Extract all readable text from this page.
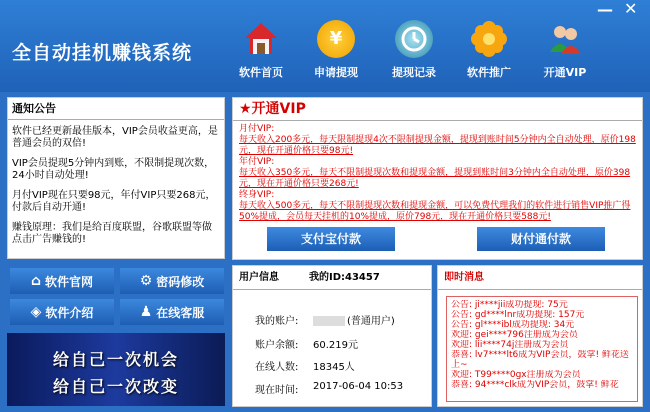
全自动挂机赚钱系统
— ✕
软件首页
¥
申请提现	提现记录	软件推广	开通VIP
通知公告

软件已经更新最佳版本，VIP会员收益更高，是普通会员的双倍!

VIP会员提现5分钟内到账，不限制提现次数，24小时自动处理!

月付VIP现在只要98元，年付VIP只要268元，付款后自动开通!

赚钱原理：我们是给百度联盟，谷歌联盟等做点击广告赚钱的!

★开通VIP
月付VIP:
每天收入200多元，每天限制提现4次不限制提现金额，提现到账时间5分钟内全自动处理，原价198元，现在开通价格只要98元!
年付VIP:
每天收入350多元，每天不限制提现次数和提现金额，提现到账时间3分钟内全自动处理，原价398元，现在开通价格只要268元!
终身VIP:
每天收入500多元，每天不限制提现次数和提现金额，可以免费代理我们的软件进行销售VIP推广得50%提成，会员每天挂机的10%提成，原价798元，现在开通价格只要588元!
支付宝付款	财付通付款
⌂ 软件官网	⚙ 密码修改
◈ 软件介绍	♟ 在线客服
给自己一次机会
给自己一次改变
用户信息	我的ID:43457
我的账户:	(普通用户)
账户余额: 60.219元
在线人数: 18345人
现在时间: 2017-06-04 10:53
即时消息
公告: ji****jii成功提现: 75元
公告: gd****lnr成功提现: 157元
公告: gl****ibl成功提现: 34元
欢迎: gei****796注册成为会员
欢迎: lii****74j注册成为会员
恭喜: lv7****lt6成为VIP会员，鼓掌! 鲜花送上~
欢迎: T99****0gx注册成为会员
恭喜: 94****clk成为VIP会员，鼓掌! 鲜花
